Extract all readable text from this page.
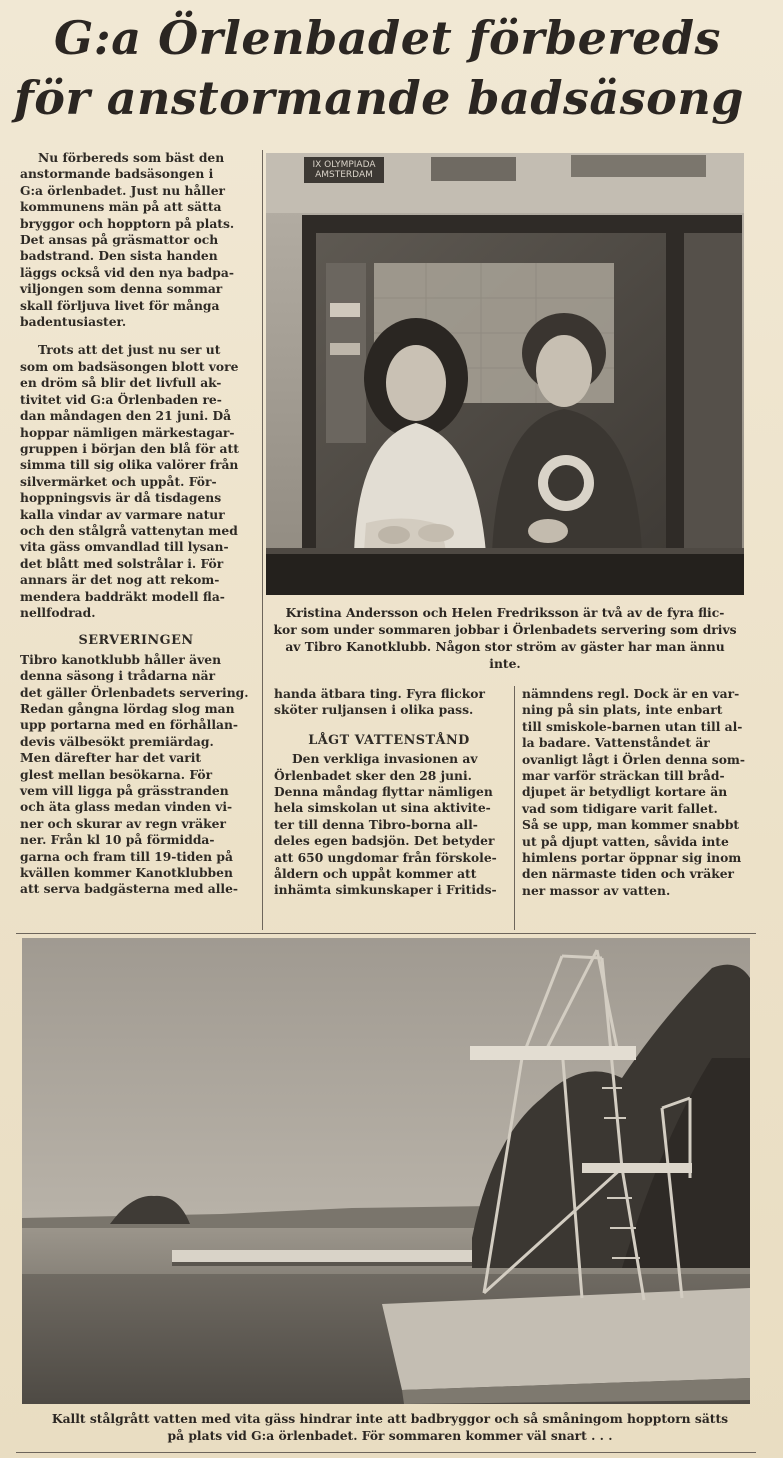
G:a Örlenbadet förbereds
för anstormande badsäsong

Nu förbereds som bäst den
anstormande badsäsongen i
G:a örlenbadet. Just nu håller
kommunens män på att sätta
bryggor och hopptorn på plats.
Det ansas på gräsmattor och
badstrand. Den sista handen
läggs också vid den nya badpa-
viljongen som denna sommar
skall förljuva livet för många
badentusiaster.

Trots att det just nu ser ut
som om badsäsongen blott vore
en dröm så blir det livfull ak-
tivitet vid G:a Örlenbaden re-
dan måndagen den 21 juni. Då
hoppar nämligen märkestagar-
gruppen i början den blå för att
simma till sig olika valörer från
silvermärket och uppåt. För-
hoppningsvis är då tisdagens
kalla vindar av varmare natur
och den stålgrå vattenytan med
vita gäss omvandlad till lysan-
det blått med solstrålar i. För
annars är det nog att rekom-
mendera baddräkt modell fla-
nellfodrad.

SERVERINGEN

Tibro kanotklubb håller även
denna säsong i trådarna när
det gäller Örlenbadets servering.
Redan gångna lördag slog man
upp portarna med en förhållan-
devis välbesökt premiärdag.
Men därefter har det varit
glest mellan besökarna. För
vem vill ligga på gräs️stranden
och äta glass medan vinden vi-
ner och skurar av regn vräker
ner. Från kl 10 på förmidda-
garna och fram till 19-tiden på
kvällen kommer Kanotklubben
att serva badgästerna med alle-

IX OLYMPIADA AMSTERDAM
Kristina Andersson och Helen Fredriksson är två av de fyra flic-
kor som under sommaren jobbar i Örlenbadets servering som drivs
av Tibro Kanotklubb. Någon stor ström av gäster har man ännu
inte.

handa ätbara ting. Fyra flickor
sköter ruljansen i olika pass.

LÅGT VATTENSTÅND

Den verkliga invasionen av
Örlenbadet sker den 28 juni.
Denna måndag flyttar nämligen
hela simskolan ut sina aktivite-
ter till denna Tibro-borna all-
deles egen badsjön. Det betyder
att 650 ungdomar från förskole-
åldern och uppåt kommer att
inhämta simkunskaper i Fritids-

nämndens regl. Dock är en var-
ning på sin plats, inte enbart
till smiskole-barnen utan till al-
la badare. Vattenståndet är
ovanligt lågt i Örlen denna som-
mar varför sträckan till bråd-
djupet är betydligt kortare än
vad som tidigare varit fallet.
Så se upp, man kommer snabbt
ut på djupt vatten, såvida inte
himlens portar öppnar sig inom
den närmaste tiden och vräker
ner massor av vatten.

Kallt stålgrått vatten med vita gäss hindrar inte att badbryggor och så småningom hopptorn sätts
på plats vid G:a örlenbadet. För sommaren kommer väl snart . . .
